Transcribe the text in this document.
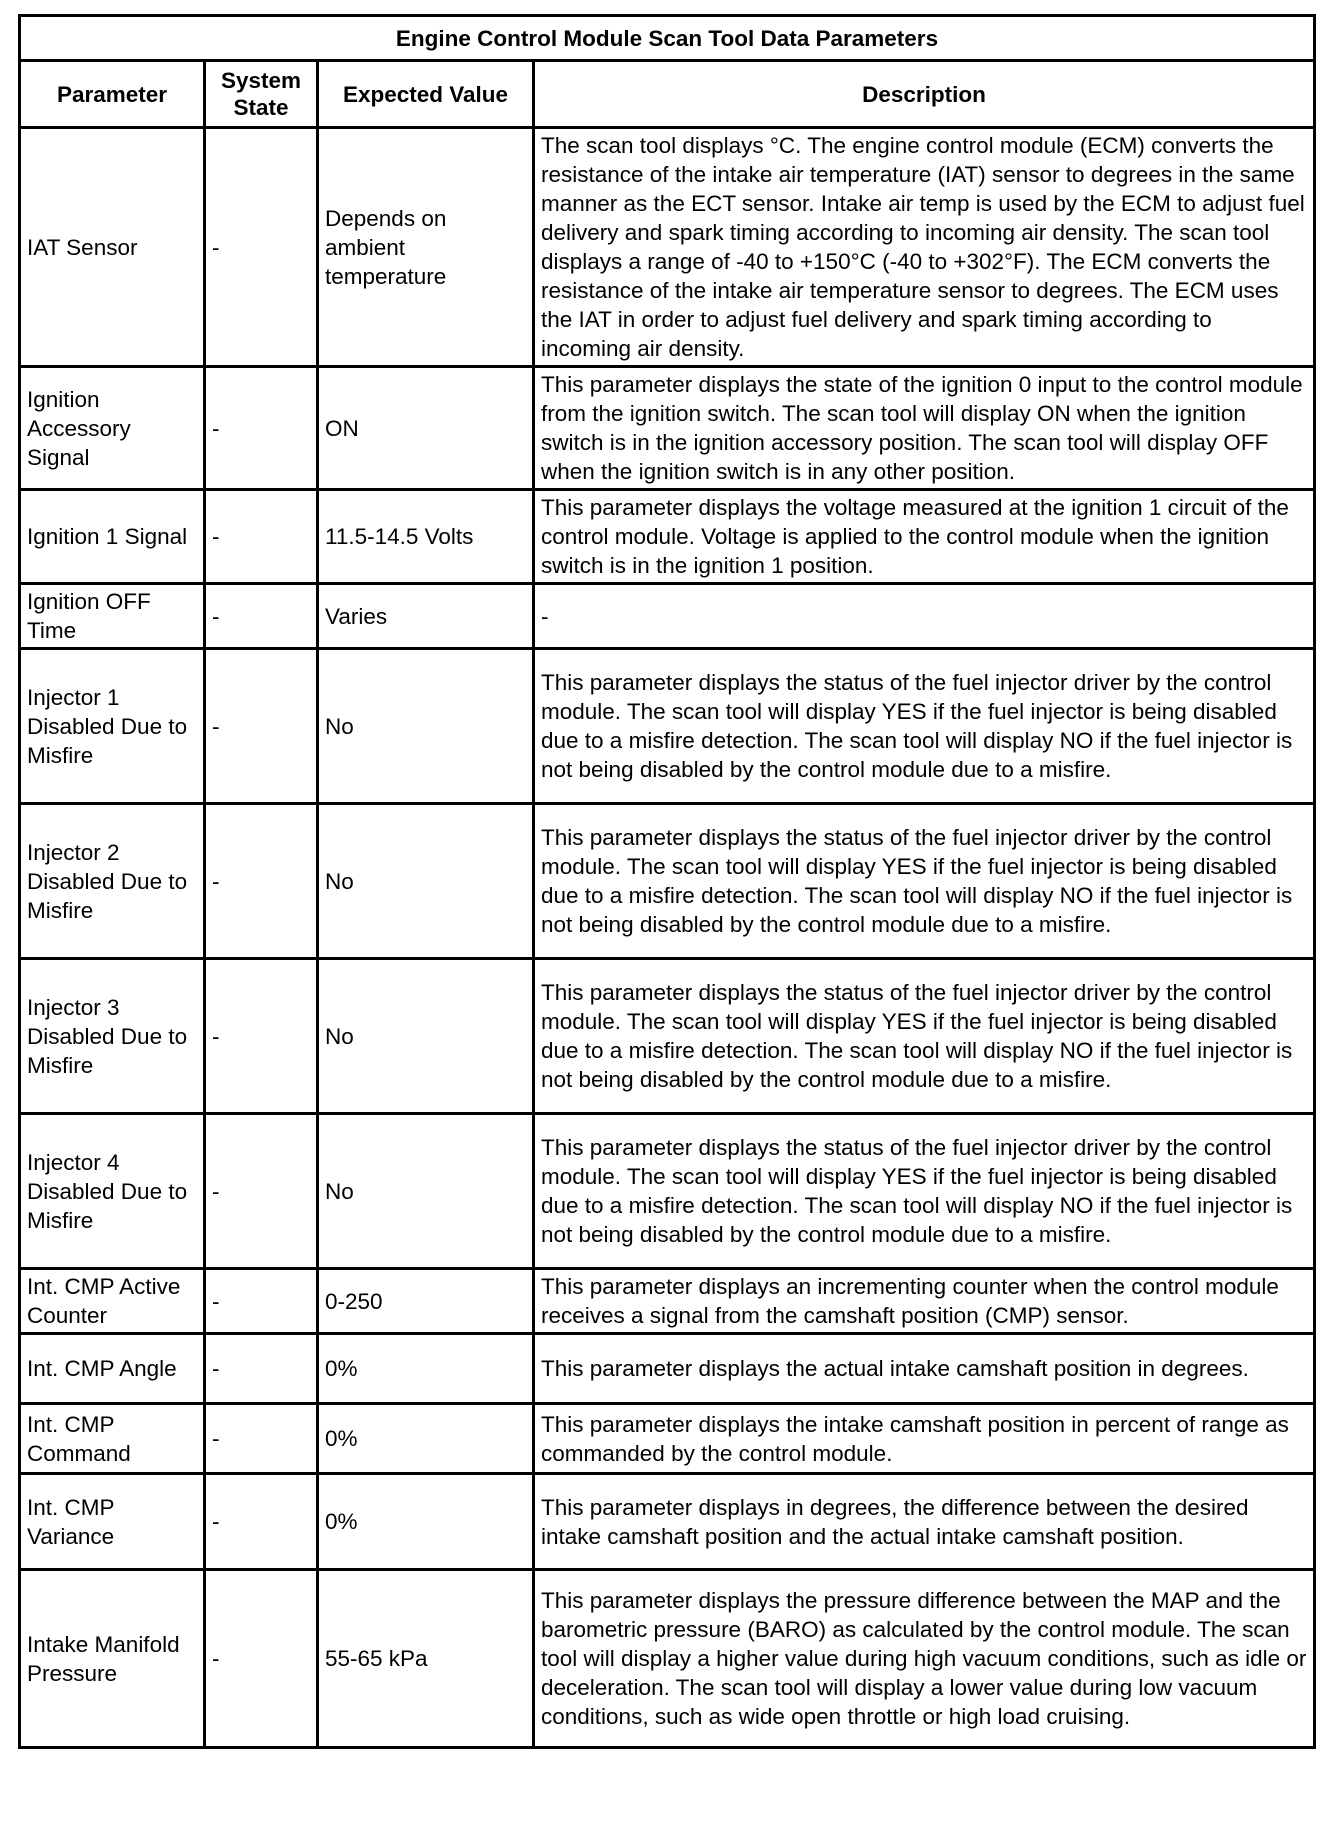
Engine Control Module Scan Tool Data Parameters			
Parameter	System State	Expected Value	Description
IAT Sensor	-	Depends on ambient temperature	The scan tool displays °C. The engine control module (ECM) converts the resistance of the intake air temperature (IAT) sensor to degrees in the same manner as the ECT sensor. Intake air temp is used by the ECM to adjust fuel delivery and spark timing according to incoming air density. The scan tool displays a range of -40 to +150°C (-40 to +302°F). The ECM converts the resistance of the intake air temperature sensor to degrees. The ECM uses the IAT in order to adjust fuel delivery and spark timing according to incoming air density.
Ignition Accessory Signal	-	ON	This parameter displays the state of the ignition 0 input to the control module from the ignition switch. The scan tool will display ON when the ignition switch is in the ignition accessory position. The scan tool will display OFF when the ignition switch is in any other position.
Ignition 1 Signal	-	11.5-14.5 Volts	This parameter displays the voltage measured at the ignition 1 circuit of the control module. Voltage is applied to the control module when the ignition switch is in the ignition 1 position.
Ignition OFF Time	-	Varies	-
Injector 1 Disabled Due to Misfire	-	No	This parameter displays the status of the fuel injector driver by the control module. The scan tool will display YES if the fuel injector is being disabled due to a misfire detection. The scan tool will display NO if the fuel injector is not being disabled by the control module due to a misfire.
Injector 2 Disabled Due to Misfire	-	No	This parameter displays the status of the fuel injector driver by the control module. The scan tool will display YES if the fuel injector is being disabled due to a misfire detection. The scan tool will display NO if the fuel injector is not being disabled by the control module due to a misfire.
Injector 3 Disabled Due to Misfire	-	No	This parameter displays the status of the fuel injector driver by the control module. The scan tool will display YES if the fuel injector is being disabled due to a misfire detection. The scan tool will display NO if the fuel injector is not being disabled by the control module due to a misfire.
Injector 4 Disabled Due to Misfire	-	No	This parameter displays the status of the fuel injector driver by the control module. The scan tool will display YES if the fuel injector is being disabled due to a misfire detection. The scan tool will display NO if the fuel injector is not being disabled by the control module due to a misfire.
Int. CMP Active Counter	-	0-250	This parameter displays an incrementing counter when the control module receives a signal from the camshaft position (CMP) sensor.
Int. CMP Angle	-	0%	This parameter displays the actual intake camshaft position in degrees.
Int. CMP Command	-	0%	This parameter displays the intake camshaft position in percent of range as commanded by the control module.
Int. CMP Variance	-	0%	This parameter displays in degrees, the difference between the desired intake camshaft position and the actual intake camshaft position.
Intake Manifold Pressure	-	55-65 kPa	This parameter displays the pressure difference between the MAP and the barometric pressure (BARO) as calculated by the control module. The scan tool will display a higher value during high vacuum conditions, such as idle or deceleration. The scan tool will display a lower value during low vacuum conditions, such as wide open throttle or high load cruising.
